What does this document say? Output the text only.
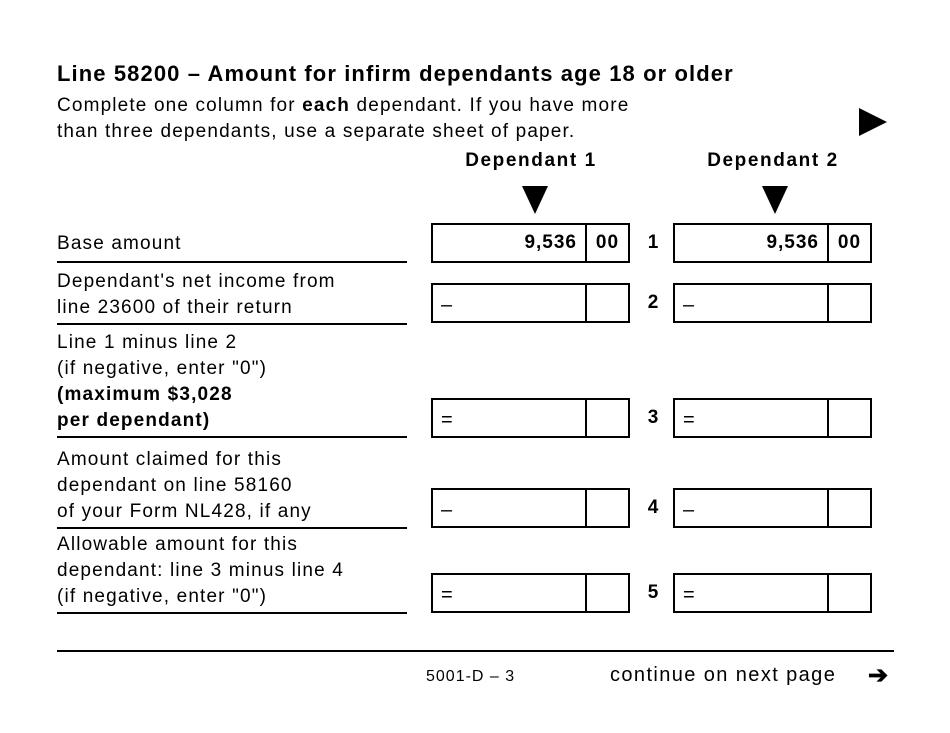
Line 58200 – Amount for infirm dependants age 18 or older
Complete one column for each dependant. If you have more
than three dependants, use a separate sheet of paper.
Dependant 1	Dependant 2
Base amount	9,536 00	1	9,536 00
Dependant's net income from
line 23600 of their return	–	2 –
Line 1 minus line 2
(if negative, enter "0")
(maximum $3,028
per dependant)	=	3 =
Amount claimed for this
dependant on line 58160
of your Form NL428, if any	–	4 –
Allowable amount for this
dependant: line 3 minus line 4
(if negative, enter "0")	=	5 =
5001-D – 3	continue on next page ➔
